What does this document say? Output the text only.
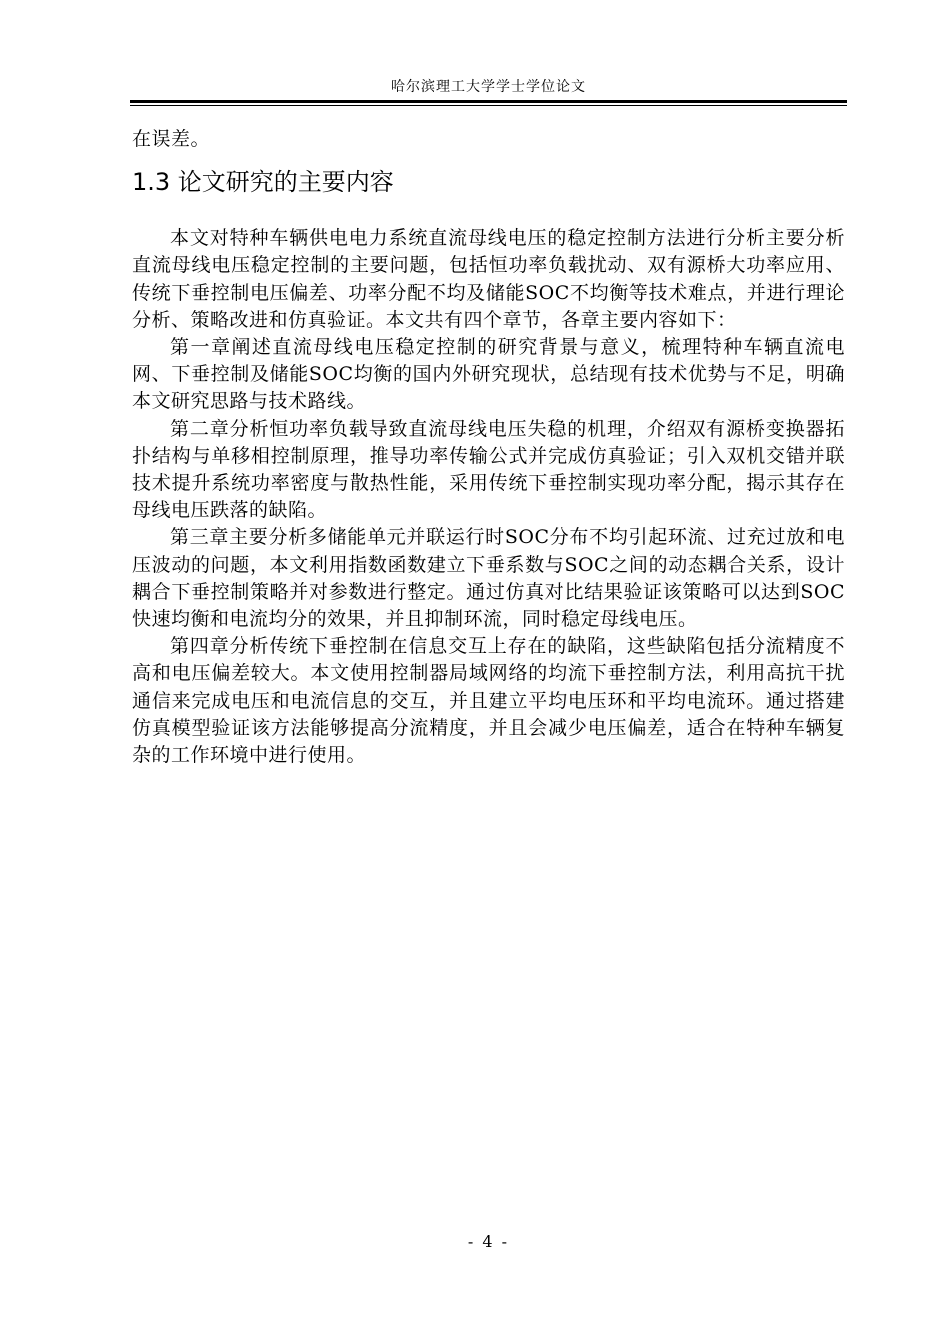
哈尔滨理工大学学士学位论文

在误差。

1.3 论文研究的主要内容

本文对特种车辆供电电力系统直流母线电压的稳定控制方法进行分析主要分析直流母线电压稳定控制的主要问题，包括恒功率负载扰动、双有源桥大功率应用、传统下垂控制电压偏差、功率分配不均及储能SOC不均衡等技术难点，并进行理论分析、策略改进和仿真验证。本文共有四个章节，各章主要内容如下：

第一章阐述直流母线电压稳定控制的研究背景与意义，梳理特种车辆直流电网、下垂控制及储能SOC均衡的国内外研究现状，总结现有技术优势与不足，明确本文研究思路与技术路线。

第二章分析恒功率负载导致直流母线电压失稳的机理，介绍双有源桥变换器拓扑结构与单移相控制原理，推导功率传输公式并完成仿真验证；引入双机交错并联技术提升系统功率密度与散热性能，采用传统下垂控制实现功率分配，揭示其存在母线电压跌落的缺陷。

第三章主要分析多储能单元并联运行时SOC分布不均引起环流、过充过放和电压波动的问题，本文利用指数函数建立下垂系数与SOC之间的动态耦合关系，设计耦合下垂控制策略并对参数进行整定。通过仿真对比结果验证该策略可以达到SOC快速均衡和电流均分的效果，并且抑制环流，同时稳定母线电压。

第四章分析传统下垂控制在信息交互上存在的缺陷，这些缺陷包括分流精度不高和电压偏差较大。本文使用控制器局域网络的均流下垂控制方法，利用高抗干扰通信来完成电压和电流信息的交互，并且建立平均电压环和平均电流环。通过搭建仿真模型验证该方法能够提高分流精度，并且会减少电压偏差，适合在特种车辆复杂的工作环境中进行使用。

- 4 -
